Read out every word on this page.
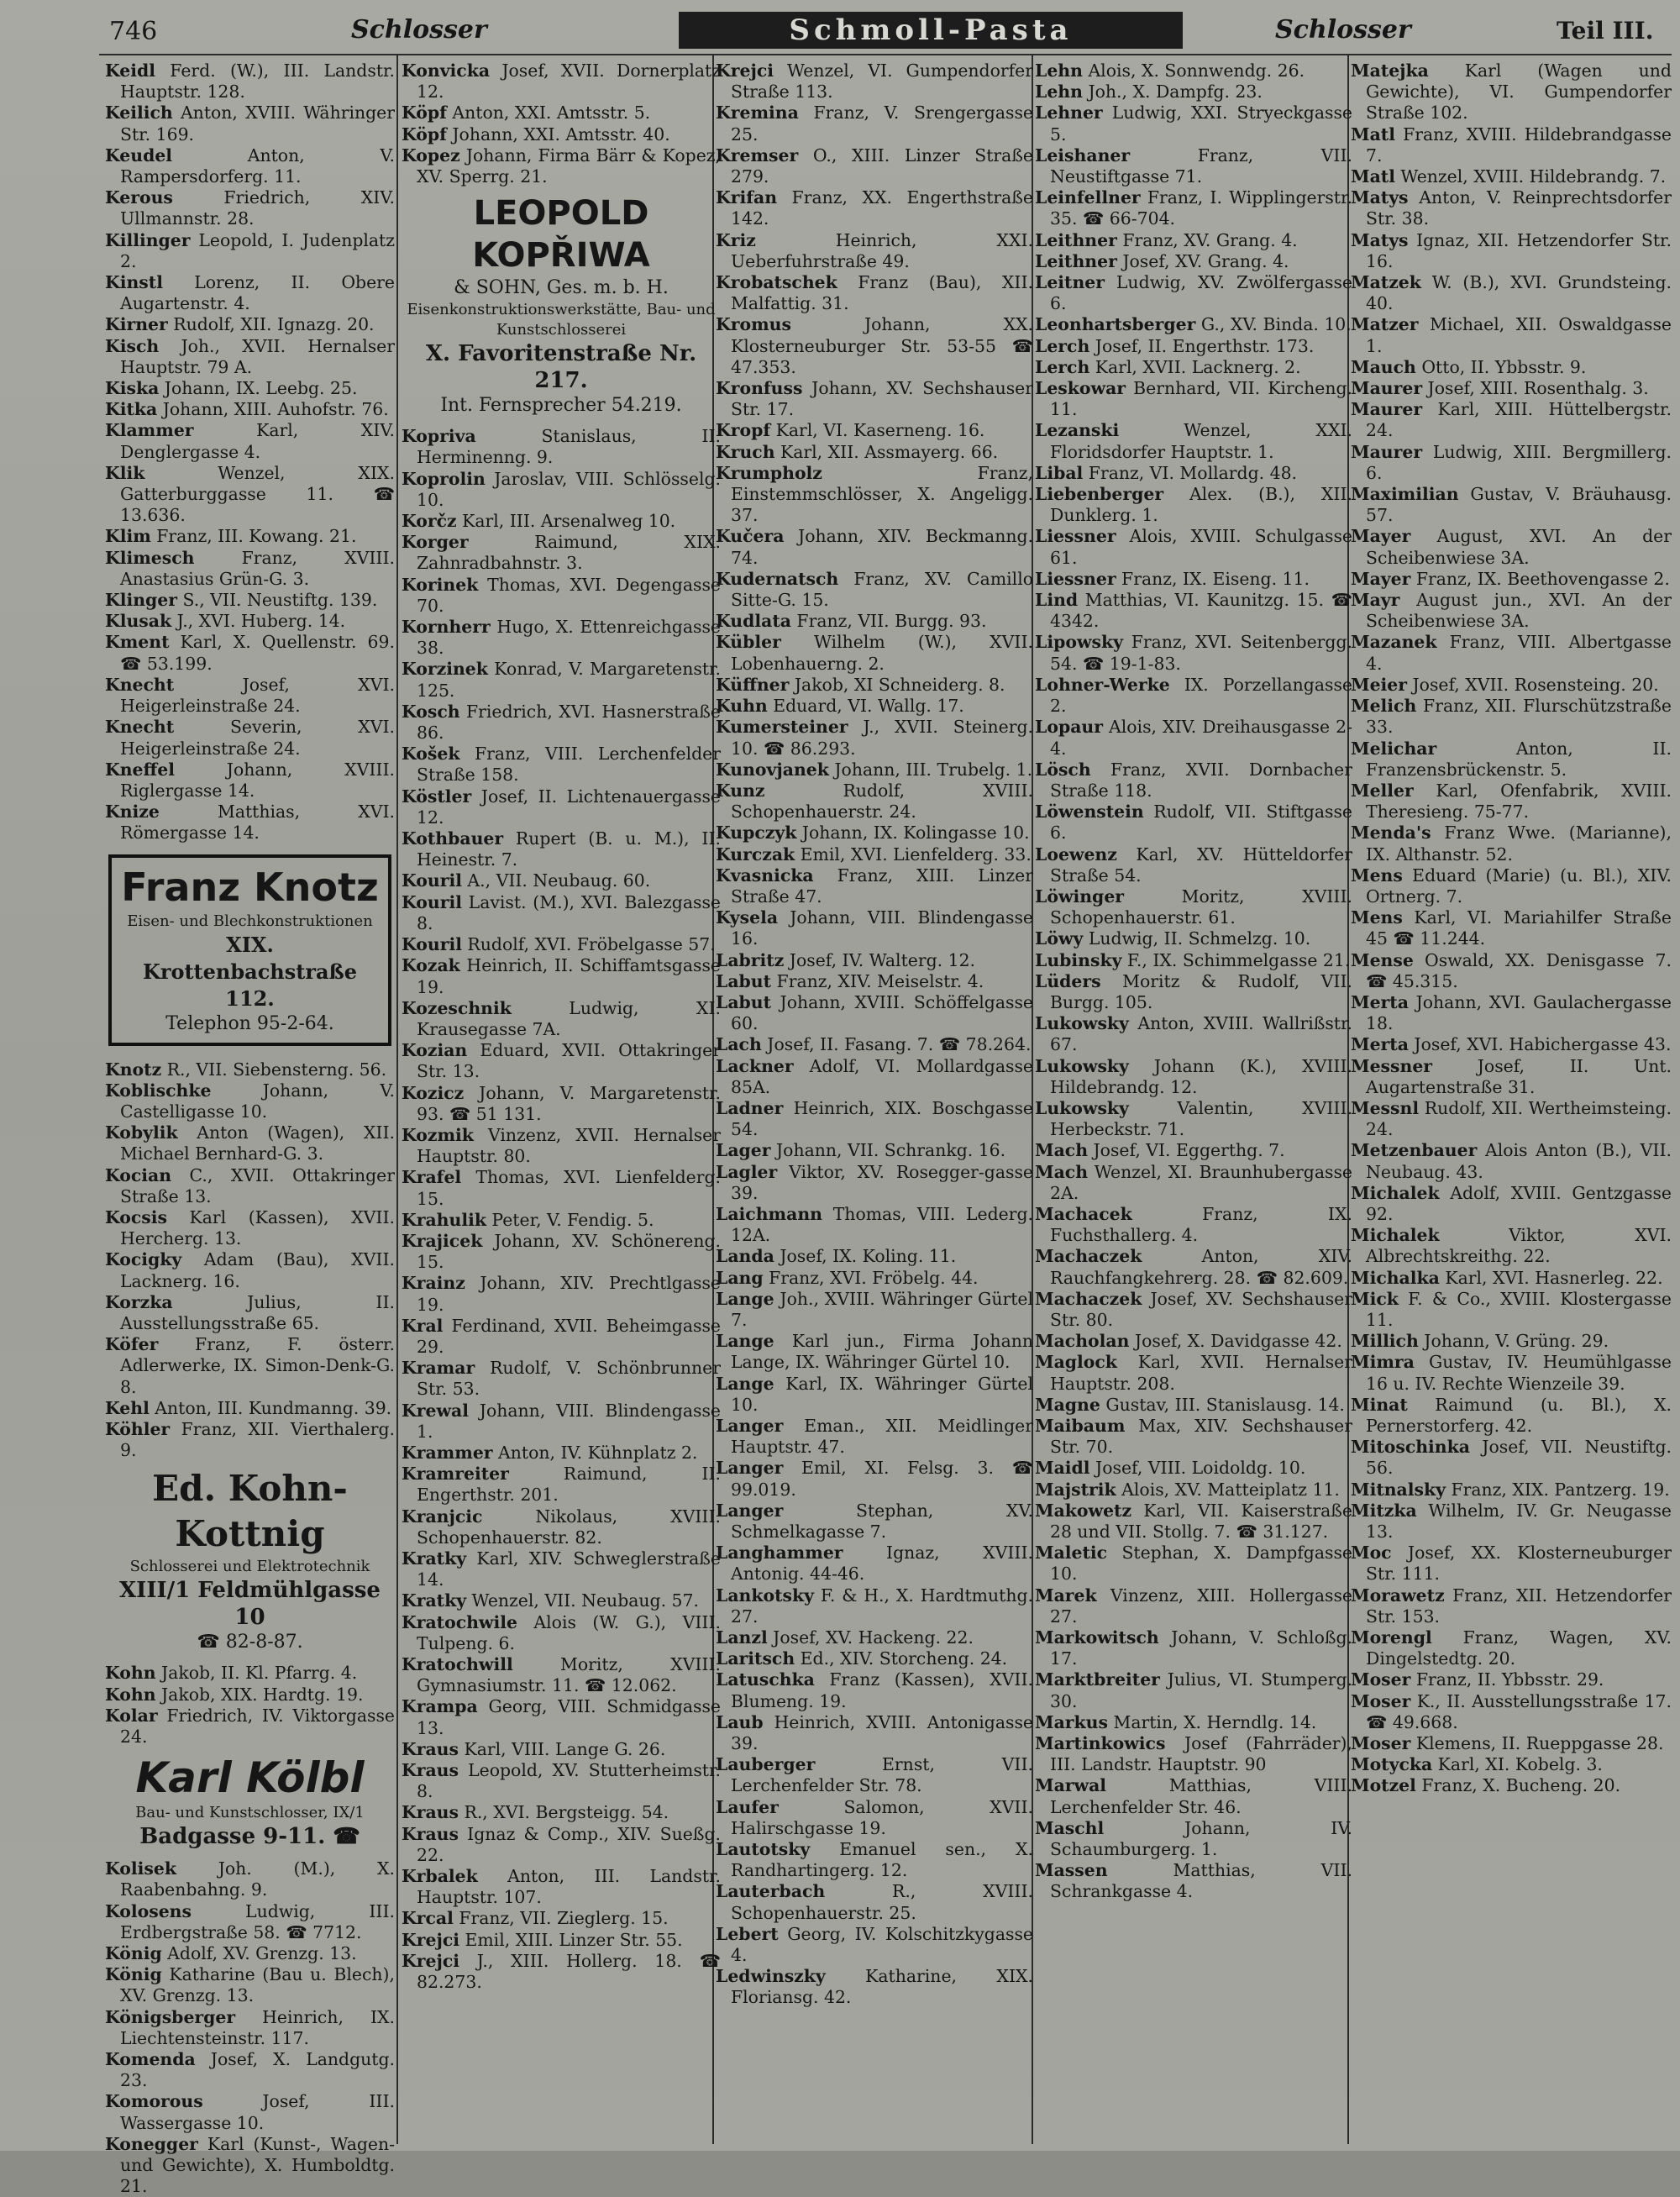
746	Schlosser	Schmoll-Pasta	Schlosser	Teil III.
Keidl Ferd. (W.), III. Landstr. Hauptstr. 128.
Keilich Anton, XVIII. Währinger Str. 169.
Keudel Anton, V. Rampersdorferg. 11.
Kerous Friedrich, XIV. Ullmannstr. 28.
Killinger Leopold, I. Judenplatz 2.
Kinstl Lorenz, II. Obere Augartenstr. 4.
Kirner Rudolf, XII. Ignazg. 20.
Kisch Joh., XVII. Hernalser Hauptstr. 79 A.
Kiska Johann, IX. Leebg. 25.
Kitka Johann, XIII. Auhofstr. 76.
Klammer Karl, XIV. Denglergasse 4.
Klik Wenzel, XIX. Gatterburggasse 11. ☎ 13.636.
Klim Franz, III. Kowang. 21.
Klimesch Franz, XVIII. Anastasius Grün-G. 3.
Klinger S., VII. Neustiftg. 139.
Klusak J., XVI. Huberg. 14.
Kment Karl, X. Quellenstr. 69. ☎ 53.199.
Knecht Josef, XVI. Heigerleinstraße 24.
Knecht Severin, XVI. Heigerleinstraße 24.
Kneffel Johann, XVIII. Riglergasse 14.
Knize Matthias, XVI. Römergasse 14.
Franz Knotz
Eisen- und Blechkonstruktionen
XIX. Krottenbachstraße 112.
Telephon 95-2-64.
Knotz R., VII. Siebensterng. 56.
Koblischke Johann, V. Castelligasse 10.
Kobylik Anton (Wagen), XII. Michael Bernhard-G. 3.
Kocian C., XVII. Ottakringer Straße 13.
Kocsis Karl (Kassen), XVII. Hercherg. 13.
Kocigky Adam (Bau), XVII. Lacknerg. 16.
Korzka Julius, II. Ausstellungsstraße 65.
Köfer Franz, F. österr. Adlerwerke, IX. Simon-Denk-G. 8.
Kehl Anton, III. Kundmanng. 39.
Köhler Franz, XII. Vierthalerg. 9.
Ed. Kohn-Kottnig
Schlosserei und Elektrotechnik
XIII/1 Feldmühlgasse 10
☎ 82-8-87.
Kohn Jakob, II. Kl. Pfarrg. 4.
Kohn Jakob, XIX. Hardtg. 19.
Kolar Friedrich, IV. Viktorgasse 24.
Karl Kölbl
Bau- und Kunstschlosser, IX/1
Badgasse 9-11. ☎
Kolisek Joh. (M.), X. Raabenbahng. 9.
Kolosens Ludwig, III. Erdbergstraße 58. ☎ 7712.
König Adolf, XV. Grenzg. 13.
König Katharine (Bau u. Blech), XV. Grenzg. 13.
Königsberger Heinrich, IX. Liechtensteinstr. 117.
Komenda Josef, X. Landgutg. 23.
Komorous Josef, III. Wassergasse 10.
Konegger Karl (Kunst-, Wagen- und Gewichte), X. Humboldtg. 21.
Konvicka Josef, XVII. Dornerplatz 12.
Köpf Anton, XXI. Amtsstr. 5.
Köpf Johann, XXI. Amtsstr. 40.
Kopez Johann, Firma Bärr & Kopez, XV. Sperrg. 21.
LEOPOLD KOPŘIWA
& SOHN, Ges. m. b. H.
Eisenkonstruktionswerkstätte, Bau- und Kunstschlosserei
X. Favoritenstraße Nr. 217.
Int. Fernsprecher 54.219.
Kopriva Stanislaus, II. Herminenng. 9.
Koprolin Jaroslav, VIII. Schlösselg. 10.
Korčz Karl, III. Arsenalweg 10.
Korger Raimund, XIX. Zahnradbahnstr. 3.
Korinek Thomas, XVI. Degengasse 70.
Kornherr Hugo, X. Ettenreichgasse 38.
Korzinek Konrad, V. Margaretenstr. 125.
Kosch Friedrich, XVI. Hasnerstraße 86.
Košek Franz, VIII. Lerchenfelder Straße 158.
Köstler Josef, II. Lichtenauergasse 12.
Kothbauer Rupert (B. u. M.), II. Heinestr. 7.
Kouril A., VII. Neubaug. 60.
Kouril Lavist. (M.), XVI. Balezgasse 8.
Kouril Rudolf, XVI. Fröbelgasse 57.
Kozak Heinrich, II. Schiffamtsgasse 19.
Kozeschnik Ludwig, XI. Krausegasse 7A.
Kozian Eduard, XVII. Ottakringer Str. 13.
Kozicz Johann, V. Margaretenstr. 93. ☎ 51 131.
Kozmik Vinzenz, XVII. Hernalser Hauptstr. 80.
Krafel Thomas, XVI. Lienfelderg. 15.
Krahulik Peter, V. Fendig. 5.
Krajicek Johann, XV. Schönereng. 15.
Krainz Johann, XIV. Prechtlgasse 19.
Kral Ferdinand, XVII. Beheimgasse 29.
Kramar Rudolf, V. Schönbrunner Str. 53.
Krewal Johann, VIII. Blindengasse 1.
Krammer Anton, IV. Kühnplatz 2.
Kramreiter Raimund, II. Engerthstr. 201.
Kranjcic Nikolaus, XVIII. Schopenhauerstr. 82.
Kratky Karl, XIV. Schweglerstraße 14.
Kratky Wenzel, VII. Neubaug. 57.
Kratochwile Alois (W. G.), VIII. Tulpeng. 6.
Kratochwill Moritz, XVIII. Gymnasiumstr. 11. ☎ 12.062.
Krampa Georg, VIII. Schmidgasse 13.
Kraus Karl, VIII. Lange G. 26.
Kraus Leopold, XV. Stutterheimstr. 8.
Kraus R., XVI. Bergsteigg. 54.
Kraus Ignaz & Comp., XIV. Sueßg. 22.
Krbalek Anton, III. Landstr. Hauptstr. 107.
Krcal Franz, VII. Zieglerg. 15.
Krejci Emil, XIII. Linzer Str. 55.
Krejci J., XIII. Hollerg. 18. ☎ 82.273.
Krejci Wenzel, VI. Gumpendorfer Straße 113.
Kremina Franz, V. Srengergasse 25.
Kremser O., XIII. Linzer Straße 279.
Krifan Franz, XX. Engerthstraße 142.
Kriz Heinrich, XXI. Ueberfuhrstraße 49.
Krobatschek Franz (Bau), XII. Malfattig. 31.
Kromus Johann, XX. Klosterneuburger Str. 53-55 ☎ 47.353.
Kronfuss Johann, XV. Sechshauser Str. 17.
Kropf Karl, VI. Kaserneng. 16.
Kruch Karl, XII. Assmayerg. 66.
Krumpholz Franz, Einstemmschlösser, X. Angeligg. 37.
Kučera Johann, XIV. Beckmanng. 74.
Kudernatsch Franz, XV. Camillo Sitte-G. 15.
Kudlata Franz, VII. Burgg. 93.
Kübler Wilhelm (W.), XVII. Lobenhauerng. 2.
Küffner Jakob, XI Schneiderg. 8.
Kuhn Eduard, VI. Wallg. 17.
Kumersteiner J., XVII. Steinerg. 10. ☎ 86.293.
Kunovjanek Johann, III. Trubelg. 1.
Kunz Rudolf, XVIII. Schopenhauerstr. 24.
Kupczyk Johann, IX. Kolingasse 10.
Kurczak Emil, XVI. Lienfelderg. 33.
Kvasnicka Franz, XIII. Linzer Straße 47.
Kysela Johann, VIII. Blindengasse 16.
Labritz Josef, IV. Walterg. 12.
Labut Franz, XIV. Meiselstr. 4.
Labut Johann, XVIII. Schöffelgasse 60.
Lach Josef, II. Fasang. 7. ☎ 78.264.
Lackner Adolf, VI. Mollardgasse 85A.
Ladner Heinrich, XIX. Boschgasse 54.
Lager Johann, VII. Schrankg. 16.
Lagler Viktor, XV. Rosegger-gasse 39.
Laichmann Thomas, VIII. Lederg. 12A.
Landa Josef, IX. Koling. 11.
Lang Franz, XVI. Fröbelg. 44.
Lange Joh., XVIII. Währinger Gürtel 7.
Lange Karl jun., Firma Johann Lange, IX. Währinger Gürtel 10.
Lange Karl, IX. Währinger Gürtel 10.
Langer Eman., XII. Meidlinger Hauptstr. 47.
Langer Emil, XI. Felsg. 3. ☎ 99.019.
Langer Stephan, XV. Schmelkagasse 7.
Langhammer Ignaz, XVIII. Antonig. 44-46.
Lankotsky F. & H., X. Hardtmuthg. 27.
Lanzl Josef, XV. Hackeng. 22.
Laritsch Ed., XIV. Storcheng. 24.
Latuschka Franz (Kassen), XVII. Blumeng. 19.
Laub Heinrich, XVIII. Antonigasse 39.
Lauberger Ernst, VII. Lerchenfelder Str. 78.
Laufer Salomon, XVII. Halirschgasse 19.
Lautotsky Emanuel sen., X. Randhartingerg. 12.
Lauterbach R., XVIII. Schopenhauerstr. 25.
Lebert Georg, IV. Kolschitzkygasse 4.
Ledwinszky Katharine, XIX. Floriansg. 42.
Lehn Alois, X. Sonnwendg. 26.
Lehn Joh., X. Dampfg. 23.
Lehner Ludwig, XXI. Stryeckgasse 5.
Leishaner Franz, VII. Neustiftgasse 71.
Leinfellner Franz, I. Wipplingerstr. 35. ☎ 66-704.
Leithner Franz, XV. Grang. 4.
Leithner Josef, XV. Grang. 4.
Leitner Ludwig, XV. Zwölfergasse 6.
Leonhartsberger G., XV. Binda. 10.
Lerch Josef, II. Engerthstr. 173.
Lerch Karl, XVII. Lacknerg. 2.
Leskowar Bernhard, VII. Kircheng. 11.
Lezanski Wenzel, XXI. Floridsdorfer Hauptstr. 1.
Libal Franz, VI. Mollardg. 48.
Liebenberger Alex. (B.), XII. Dunklerg. 1.
Liessner Alois, XVIII. Schulgasse 61.
Liessner Franz, IX. Eiseng. 11.
Lind Matthias, VI. Kaunitzg. 15. ☎ 4342.
Lipowsky Franz, XVI. Seitenbergg. 54. ☎ 19-1-83.
Lohner-Werke IX. Porzellangasse 2.
Lopaur Alois, XIV. Dreihausgasse 2-4.
Lösch Franz, XVII. Dornbacher Straße 118.
Löwenstein Rudolf, VII. Stiftgasse 6.
Loewenz Karl, XV. Hütteldorfer Straße 54.
Löwinger Moritz, XVIII. Schopenhauerstr. 61.
Löwy Ludwig, II. Schmelzg. 10.
Lubinsky F., IX. Schimmelgasse 21.
Lüders Moritz & Rudolf, VII. Burgg. 105.
Lukowsky Anton, XVIII. Wallrißstr. 67.
Lukowsky Johann (K.), XVIII. Hildebrandg. 12.
Lukowsky Valentin, XVIII. Herbeckstr. 71.
Mach Josef, VI. Eggerthg. 7.
Mach Wenzel, XI. Braunhubergasse 2A.
Machacek Franz, IX. Fuchsthallerg. 4.
Machaczek Anton, XIV. Rauchfangkehrerg. 28. ☎ 82.609.
Machaczek Josef, XV. Sechshauser Str. 80.
Macholan Josef, X. Davidgasse 42.
Maglock Karl, XVII. Hernalser Hauptstr. 208.
Magne Gustav, III. Stanislausg. 14.
Maibaum Max, XIV. Sechshauser Str. 70.
Maidl Josef, VIII. Loidoldg. 10.
Majstrik Alois, XV. Matteiplatz 11.
Makowetz Karl, VII. Kaiserstraße 28 und VII. Stollg. 7. ☎ 31.127.
Maletic Stephan, X. Dampfgasse 10.
Marek Vinzenz, XIII. Hollergasse 27.
Markowitsch Johann, V. Schloßg. 17.
Marktbreiter Julius, VI. Stumperg. 30.
Markus Martin, X. Herndlg. 14.
Martinkowics Josef (Fahrräder), III. Landstr. Hauptstr. 90
Marwal Matthias, VIII. Lerchenfelder Str. 46.
Maschl Johann, IV. Schaumburgerg. 1.
Massen Matthias, VII. Schrankgasse 4.
Matejka Karl (Wagen und Gewichte), VI. Gumpendorfer Straße 102.
Matl Franz, XVIII. Hildebrandgasse 7.
Matl Wenzel, XVIII. Hildebrandg. 7.
Matys Anton, V. Reinprechtsdorfer Str. 38.
Matys Ignaz, XII. Hetzendorfer Str. 16.
Matzek W. (B.), XVI. Grundsteing. 40.
Matzer Michael, XII. Oswaldgasse 1.
Mauch Otto, II. Ybbsstr. 9.
Maurer Josef, XIII. Rosenthalg. 3.
Maurer Karl, XIII. Hüttelbergstr. 24.
Maurer Ludwig, XIII. Bergmillerg. 6.
Maximilian Gustav, V. Bräuhausg. 57.
Mayer August, XVI. An der Scheibenwiese 3A.
Mayer Franz, IX. Beethovengasse 2.
Mayr August jun., XVI. An der Scheibenwiese 3A.
Mazanek Franz, VIII. Albertgasse 4.
Meier Josef, XVII. Rosensteing. 20.
Melich Franz, XII. Flurschützstraße 33.
Melichar Anton, II. Franzensbrückenstr. 5.
Meller Karl, Ofenfabrik, XVIII. Theresieng. 75-77.
Menda's Franz Wwe. (Marianne), IX. Althanstr. 52.
Mens Eduard (Marie) (u. Bl.), XIV. Ortnerg. 7.
Mens Karl, VI. Mariahilfer Straße 45 ☎ 11.244.
Mense Oswald, XX. Denisgasse 7. ☎ 45.315.
Merta Johann, XVI. Gaulachergasse 18.
Merta Josef, XVI. Habichergasse 43.
Messner Josef, II. Unt. Augartenstraße 31.
Messnl Rudolf, XII. Wertheimsteing. 24.
Metzenbauer Alois Anton (B.), VII. Neubaug. 43.
Michalek Adolf, XVIII. Gentzgasse 92.
Michalek Viktor, XVI. Albrechtskreithg. 22.
Michalka Karl, XVI. Hasnerleg. 22.
Mick F. & Co., XVIII. Klostergasse 11.
Millich Johann, V. Grüng. 29.
Mimra Gustav, IV. Heumühlgasse 16 u. IV. Rechte Wienzeile 39.
Minat Raimund (u. Bl.), X. Pernerstorferg. 42.
Mitoschinka Josef, VII. Neustiftg. 56.
Mitnalsky Franz, XIX. Pantzerg. 19.
Mitzka Wilhelm, IV. Gr. Neugasse 13.
Moc Josef, XX. Klosterneuburger Str. 111.
Morawetz Franz, XII. Hetzendorfer Str. 153.
Morengl Franz, Wagen, XV. Dingelstedtg. 20.
Moser Franz, II. Ybbsstr. 29.
Moser K., II. Ausstellungsstraße 17. ☎ 49.668.
Moser Klemens, II. Rueppgasse 28.
Motycka Karl, XI. Kobelg. 3.
Motzel Franz, X. Bucheng. 20.
